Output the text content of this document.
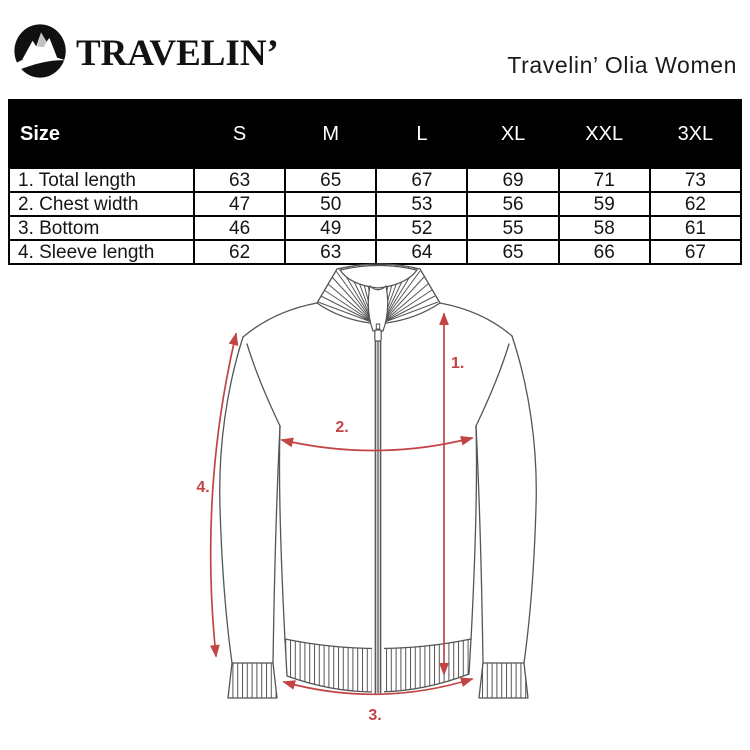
TRAVELIN’	Travelin’ Olia Women
Size	S	M	L	XL	XXL	3XL
1. Total length	63	65	67	69	71	73
2. Chest width	47	50	53	56	59	62
3. Bottom	46	49	52	55	58	61
4. Sleeve length	62	63	64	65	66	67
1.
2.
3.
4.
